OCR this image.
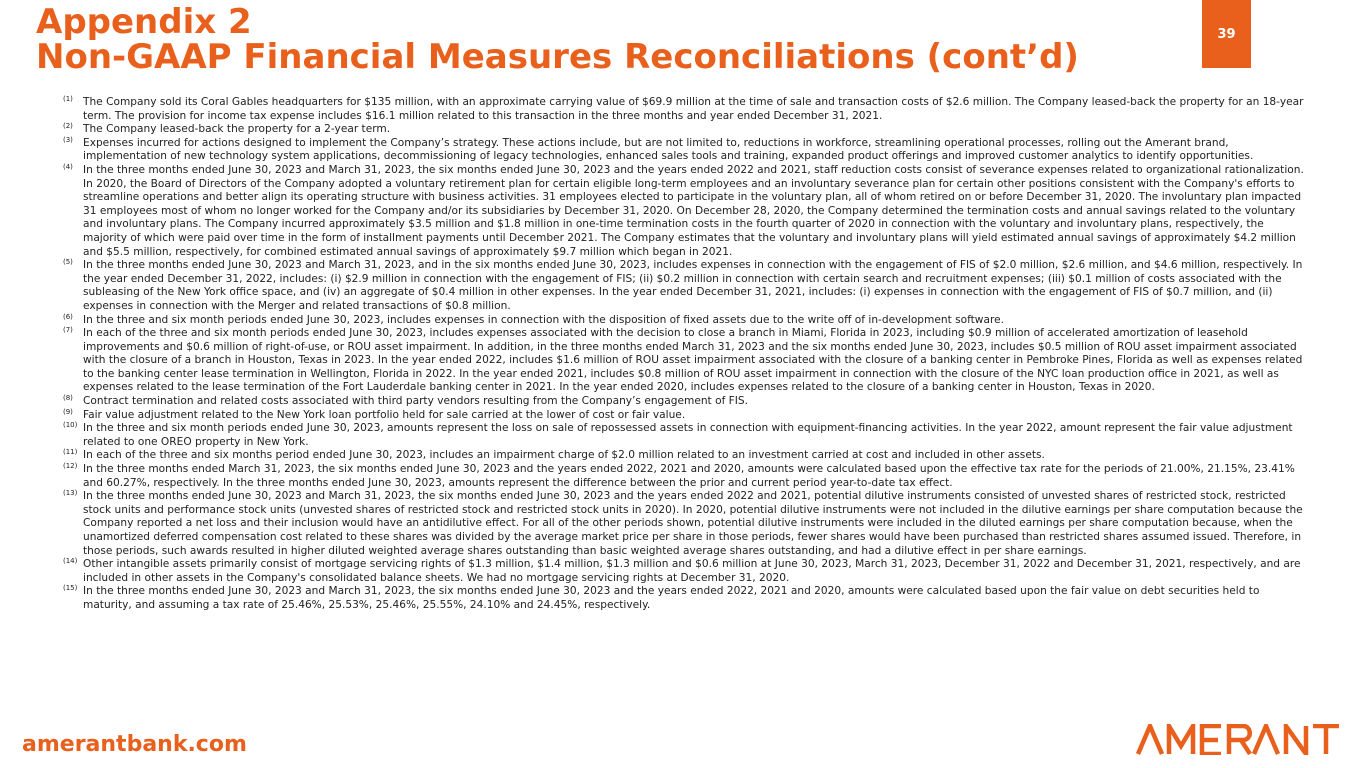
Appendix 2
Non-GAAP Financial Measures Reconciliations (cont’d)
39

(1) The Company sold its Coral Gables headquarters for $135 million, with an approximate carrying value of $69.9 million at the time of sale and transaction costs of $2.6 million. The Company leased-back the property for an 18-year term. The provision for income tax expense includes $16.1 million related to this transaction in the three months and year ended December 31, 2021.

(2) The Company leased-back the property for a 2-year term.

(3) Expenses incurred for actions designed to implement the Company’s strategy. These actions include, but are not limited to, reductions in workforce, streamlining operational processes, rolling out the Amerant brand, implementation of new technology system applications, decommissioning of legacy technologies, enhanced sales tools and training, expanded product offerings and improved customer analytics to identify opportunities.

(4) In the three months ended June 30, 2023 and March 31, 2023, the six months ended June 30, 2023 and the years ended 2022 and 2021, staff reduction costs consist of severance expenses related to organizational rationalization. In 2020, the Board of Directors of the Company adopted a voluntary retirement plan for certain eligible long-term employees and an involuntary severance plan for certain other positions consistent with the Company's efforts to streamline operations and better align its operating structure with business activities. 31 employees elected to participate in the voluntary plan, all of whom retired on or before December 31, 2020. The involuntary plan impacted 31 employees most of whom no longer worked for the Company and/or its subsidiaries by December 31, 2020. On December 28, 2020, the Company determined the termination costs and annual savings related to the voluntary and involuntary plans. The Company incurred approximately $3.5 million and $1.8 million in one-time termination costs in the fourth quarter of 2020 in connection with the voluntary and involuntary plans, respectively, the majority of which were paid over time in the form of installment payments until December 2021. The Company estimates that the voluntary and involuntary plans will yield estimated annual savings of approximately $4.2 million and $5.5 million, respectively, for combined estimated annual savings of approximately $9.7 million which began in 2021.

(5) In the three months ended June 30, 2023 and March 31, 2023, and in the six months ended June 30, 2023, includes expenses in connection with the engagement of FIS of $2.0 million, $2.6 million, and $4.6 million, respectively. In the year ended December 31, 2022, includes: (i) $2.9 million in connection with the engagement of FIS; (ii) $0.2 million in connection with certain search and recruitment expenses; (iii) $0.1 million of costs associated with the subleasing of the New York office space, and (iv) an aggregate of $0.4 million in other expenses. In the year ended December 31, 2021, includes: (i) expenses in connection with the engagement of FIS of $0.7 million, and (ii) expenses in connection with the Merger and related transactions of $0.8 million.

(6) In the three and six month periods ended June 30, 2023, includes expenses in connection with the disposition of fixed assets due to the write off of in-development software.

(7) In each of the three and six month periods ended June 30, 2023, includes expenses associated with the decision to close a branch in Miami, Florida in 2023, including $0.9 million of accelerated amortization of leasehold improvements and $0.6 million of right-of-use, or ROU asset impairment. In addition, in the three months ended March 31, 2023 and the six months ended June 30, 2023, includes $0.5 million of ROU asset impairment associated with the closure of a branch in Houston, Texas in 2023. In the year ended 2022, includes $1.6 million of ROU asset impairment associated with the closure of a banking center in Pembroke Pines, Florida as well as expenses related to the banking center lease termination in Wellington, Florida in 2022. In the year ended 2021, includes $0.8 million of ROU asset impairment in connection with the closure of the NYC loan production office in 2021, as well as expenses related to the lease termination of the Fort Lauderdale banking center in 2021. In the year ended 2020, includes expenses related to the closure of a banking center in Houston, Texas in 2020.

(8) Contract termination and related costs associated with third party vendors resulting from the Company’s engagement of FIS.

(9) Fair value adjustment related to the New York loan portfolio held for sale carried at the lower of cost or fair value.

(10) In the three and six month periods ended June 30, 2023, amounts represent the loss on sale of repossessed assets in connection with equipment-financing activities. In the year 2022, amount represent the fair value adjustment related to one OREO property in New York.

(11) In each of the three and six months period ended June 30, 2023, includes an impairment charge of $2.0 million related to an investment carried at cost and included in other assets.

(12) In the three months ended March 31, 2023, the six months ended June 30, 2023 and the years ended 2022, 2021 and 2020, amounts were calculated based upon the effective tax rate for the periods of 21.00%, 21.15%, 23.41% and 60.27%, respectively. In the three months ended June 30, 2023, amounts represent the difference between the prior and current period year-to-date tax effect.

(13) In the three months ended June 30, 2023 and March 31, 2023, the six months ended June 30, 2023 and the years ended 2022 and 2021, potential dilutive instruments consisted of unvested shares of restricted stock, restricted stock units and performance stock units (unvested shares of restricted stock and restricted stock units in 2020). In 2020, potential dilutive instruments were not included in the dilutive earnings per share computation because the Company reported a net loss and their inclusion would have an antidilutive effect. For all of the other periods shown, potential dilutive instruments were included in the diluted earnings per share computation because, when the unamortized deferred compensation cost related to these shares was divided by the average market price per share in those periods, fewer shares would have been purchased than restricted shares assumed issued. Therefore, in those periods, such awards resulted in higher diluted weighted average shares outstanding than basic weighted average shares outstanding, and had a dilutive effect in per share earnings.

(14) Other intangible assets primarily consist of mortgage servicing rights of $1.3 million, $1.4 million, $1.3 million and $0.6 million at June 30, 2023, March 31, 2023, December 31, 2022 and December 31, 2021, respectively, and are included in other assets in the Company's consolidated balance sheets. We had no mortgage servicing rights at December 31, 2020.

(15) In the three months ended June 30, 2023 and March 31, 2023, the six months ended June 30, 2023 and the years ended 2022, 2021 and 2020, amounts were calculated based upon the fair value on debt securities held to maturity, and assuming a tax rate of 25.46%, 25.53%, 25.46%, 25.55%, 24.10% and 24.45%, respectively.

amerantbank.com
